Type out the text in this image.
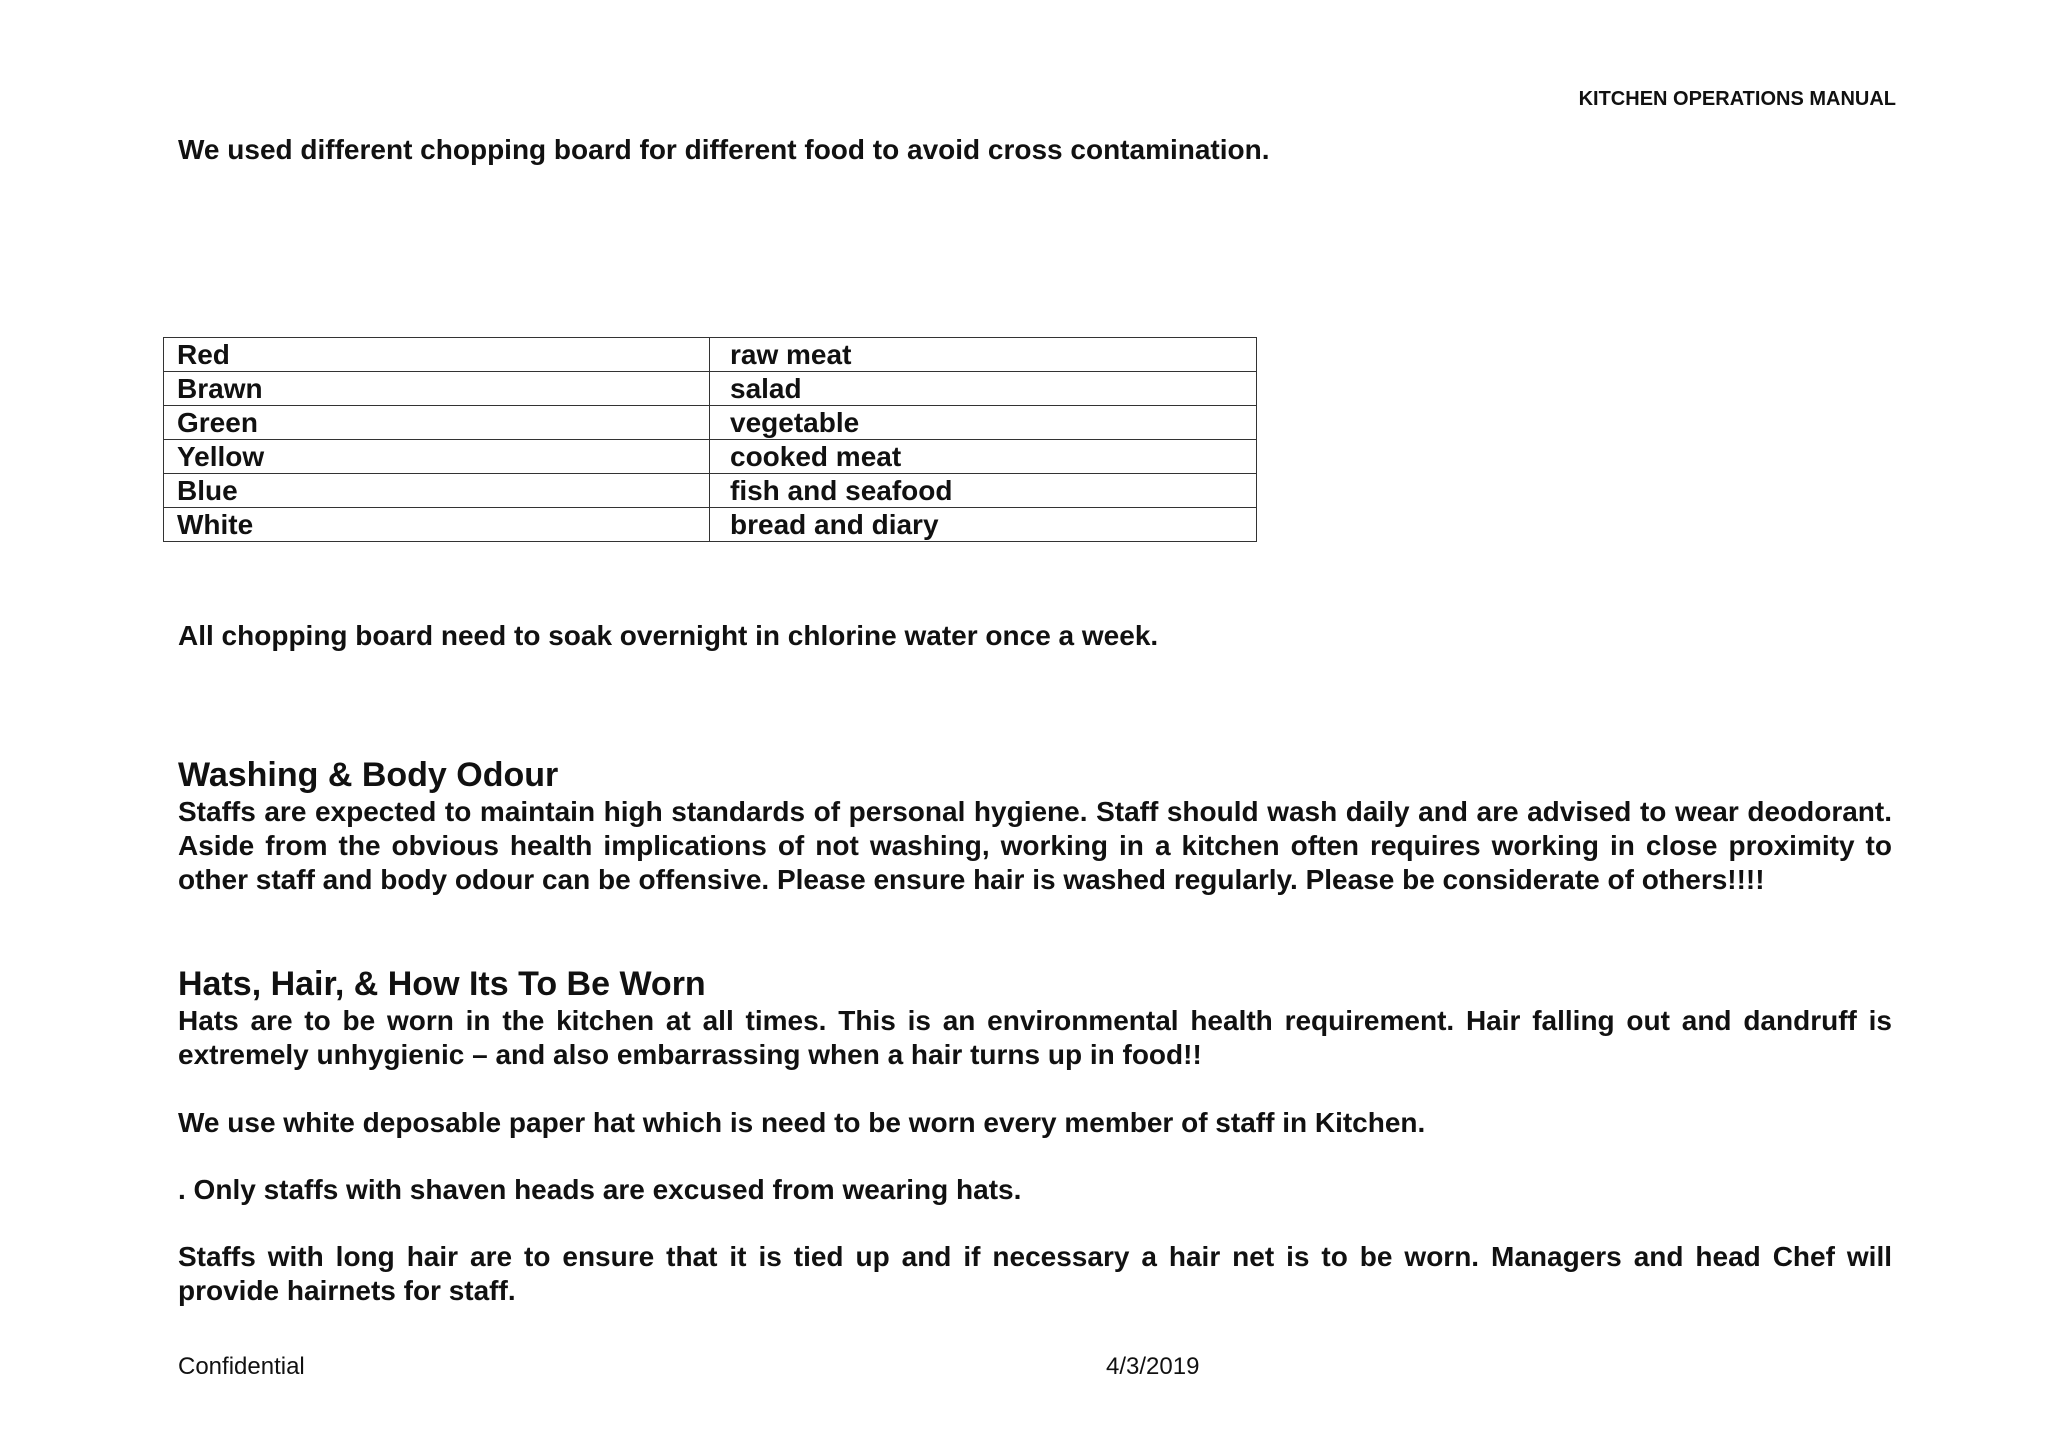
KITCHEN OPERATIONS MANUAL

We used different chopping board for different food to avoid cross contamination.

Red	raw meat
Brawn	salad
Green	vegetable
Yellow	cooked meat
Blue	fish and seafood
White	bread and diary

All chopping board need to soak overnight in chlorine water once a week.

Washing & Body Odour

Staffs are expected to maintain high standards of personal hygiene. Staff should wash daily and are advised to wear deodorant. Aside from the obvious health implications of not washing, working in a kitchen often requires working in close proximity to other staff and body odour can be offensive. Please ensure hair is washed regularly. Please be considerate of others!!!!

Hats, Hair, & How Its To Be Worn

Hats are to be worn in the kitchen at all times. This is an environmental health requirement. Hair falling out and dandruff is extremely unhygienic – and also embarrassing when a hair turns up in food!!

We use white deposable paper hat which is need to be worn every member of staff in Kitchen.

. Only staffs with shaven heads are excused from wearing hats.

Staffs with long hair are to ensure that it is tied up and if necessary a hair net is to be worn. Managers and head Chef will provide hairnets for staff.

Confidential	4/3/2019
